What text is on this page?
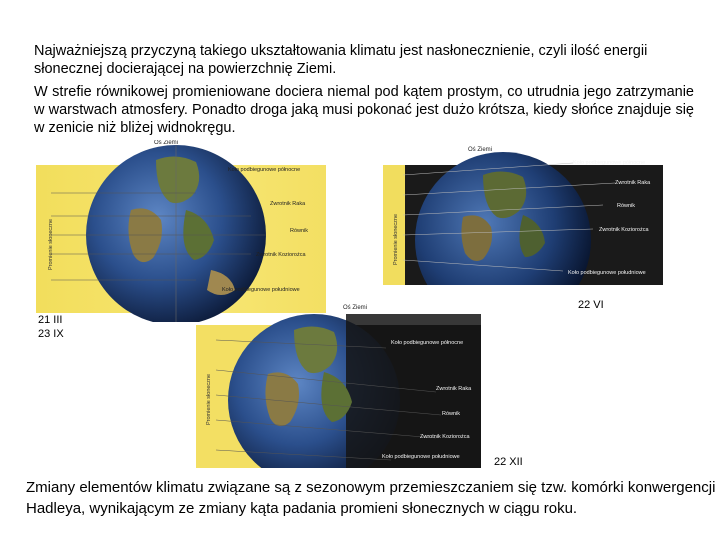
Najważniejszą przyczyną takiego ukształtowania klimatu jest nasłonecznienie, czyli ilość energii słonecznej docierającej na powierzchnię Ziemi.

W strefie równikowej promieniowane dociera niemal pod kątem prostym, co utrudnia jego zatrzymanie w warstwach atmosfery. Ponadto droga jaką musi pokonać jest dużo krótsza, kiedy słońce znajduje się w zenicie niż bliżej widnokręgu.

Oś Ziemi
Promienie słoneczne
Koło podbiegunowe północne
Zwrotnik Raka
Równik
Zwrotnik Koziorożca
Koło podbiegunowe południowe
21 III
23 IX
Oś Ziemi
Promienie słoneczne
Koło podbiegunowe północne
Zwrotnik Raka
Równik
Zwrotnik Koziorożca
Koło podbiegunowe południowe
22 VI
Oś Ziemi
Promienie słoneczne
Koło podbiegunowe północne
Zwrotnik Raka
Równik
Zwrotnik Koziorożca
Koło podbiegunowe południowe	22 XII

Zmiany elementów klimatu związane są z sezonowym przemieszczaniem się tzw. komórki konwergencji Hadleya, wynikającym ze zmiany kąta padania promieni słonecznych w ciągu roku.
